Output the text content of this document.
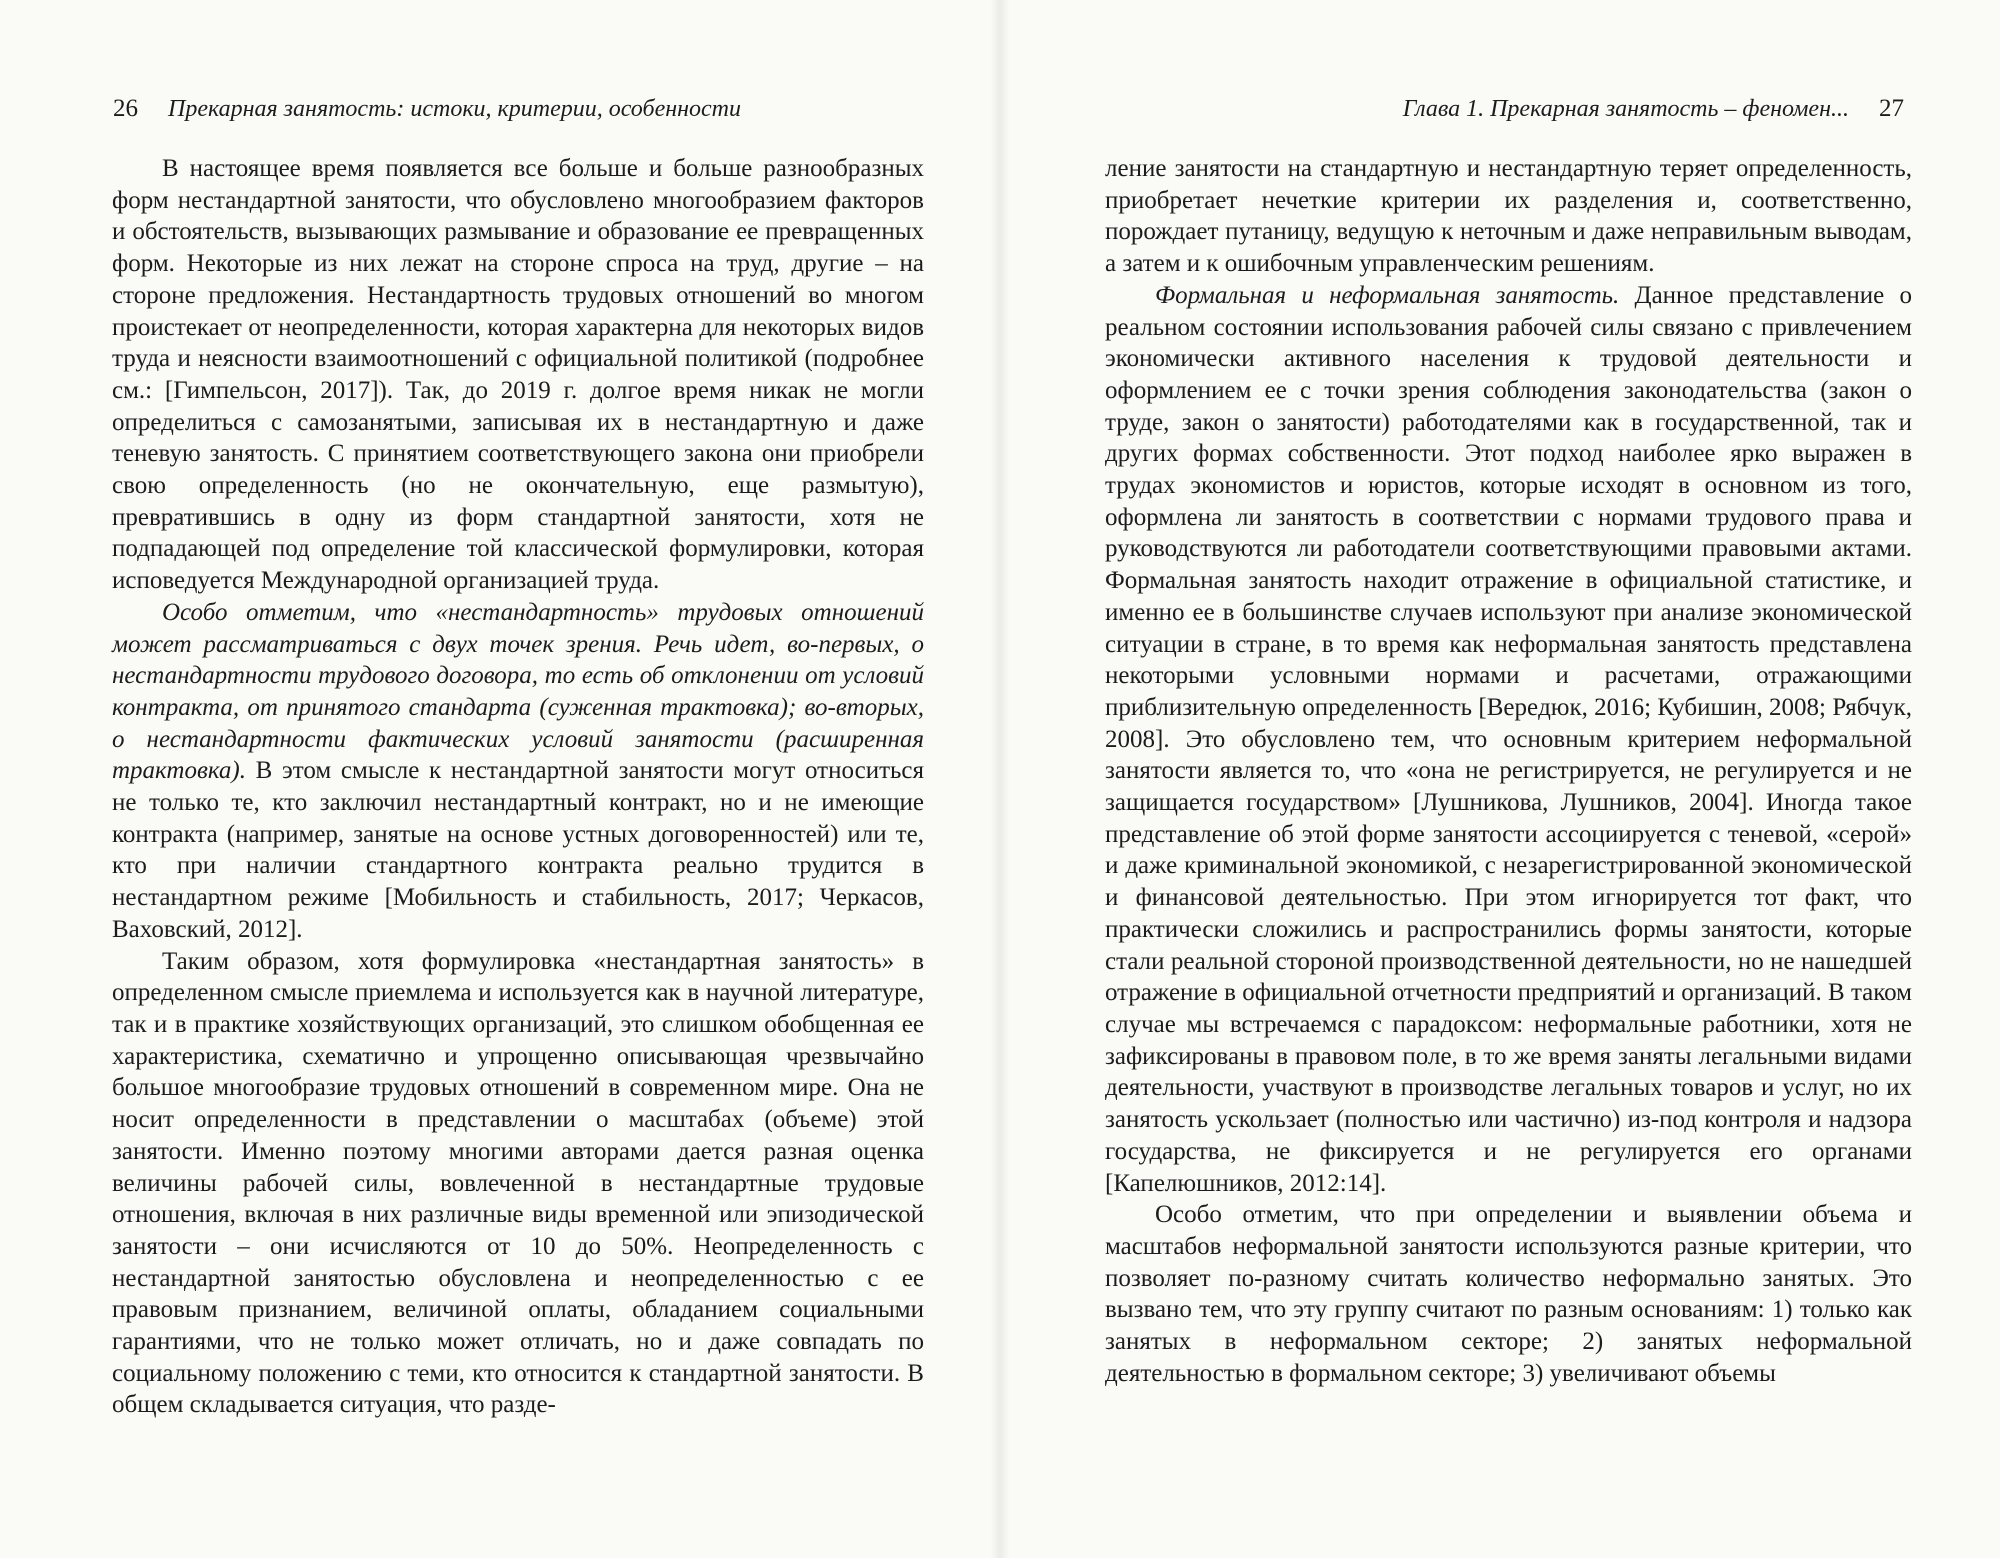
26 Прекарная занятость: истоки, критерии, особенности

В настоящее время появляется все больше и больше разнообразных форм нестандартной занятости, что обусловлено многообразием факторов и обстоятельств, вызывающих размывание и образование ее превращенных форм. Некоторые из них лежат на стороне спроса на труд, другие – на стороне предложения. Нестандартность трудовых отношений во многом проистекает от неопределенности, которая характерна для некоторых видов труда и неясности взаимоотношений с официальной политикой (подробнее см.: [Гимпельсон, 2017]). Так, до 2019 г. долгое время никак не могли определиться с самозанятыми, записывая их в нестандартную и даже теневую занятость. С принятием соответствующего закона они приобрели свою определенность (но не окончательную, еще размытую), превратившись в одну из форм стандартной занятости, хотя не подпадающей под определение той классической формулировки, которая исповедуется Международной организацией труда.

Особо отметим, что «нестандартность» трудовых отношений может рассматриваться с двух точек зрения. Речь идет, во-первых, о нестандартности трудового договора, то есть об отклонении от условий контракта, от принятого стандарта (суженная трактовка); во-вторых, о нестандартности фактических условий занятости (расширенная трактовка). В этом смысле к нестандартной занятости могут относиться не только те, кто заключил нестандартный контракт, но и не имеющие контракта (например, занятые на основе устных договоренностей) или те, кто при наличии стандартного контракта реально трудится в нестандартном режиме [Мобильность и стабильность, 2017; Черкасов, Ваховский, 2012].

Таким образом, хотя формулировка «нестандартная занятость» в определенном смысле приемлема и используется как в научной литературе, так и в практике хозяйствующих организаций, это слишком обобщенная ее характеристика, схематично и упрощенно описывающая чрезвычайно большое многообразие трудовых отношений в современном мире. Она не носит определенности в представлении о масштабах (объеме) этой занятости. Именно поэтому многими авторами дается разная оценка величины рабочей силы, вовлеченной в нестандартные трудовые отношения, включая в них различные виды временной или эпизодической занятости – они исчисляются от 10 до 50%. Неопределенность с нестандартной занятостью обусловлена и неопределенностью с ее правовым признанием, величиной оплаты, обладанием социальными гарантиями, что не только может отличать, но и даже совпадать по социальному положению с теми, кто относится к стандартной занятости. В общем складывается ситуация, что разде-

Глава 1. Прекарная занятость – феномен... 27

ление занятости на стандартную и нестандартную теряет определенность, приобретает нечеткие критерии их разделения и, соответственно, порождает путаницу, ведущую к неточным и даже неправильным выводам, а затем и к ошибочным управленческим решениям.

Формальная и неформальная занятость. Данное представление о реальном состоянии использования рабочей силы связано с привлечением экономически активного населения к трудовой деятельности и оформлением ее с точки зрения соблюдения законодательства (закон о труде, закон о занятости) работодателями как в государственной, так и других формах собственности. Этот подход наиболее ярко выражен в трудах экономистов и юристов, которые исходят в основном из того, оформлена ли занятость в соответствии с нормами трудового права и руководствуются ли работодатели соответствующими правовыми актами. Формальная занятость находит отражение в официальной статистике, и именно ее в большинстве случаев используют при анализе экономической ситуации в стране, в то время как неформальная занятость представлена некоторыми условными нормами и расчетами, отражающими приблизительную определенность [Верeдюк, 2016; Кубишин, 2008; Рябчук, 2008]. Это обусловлено тем, что основным критерием неформальной занятости является то, что «она не регистрируется, не регулируется и не защищается государством» [Лушникова, Лушников, 2004]. Иногда такое представление об этой форме занятости ассоциируется с теневой, «серой» и даже криминальной экономикой, с незарегистрированной экономической и финансовой деятельностью. При этом игнорируется тот факт, что практически сложились и распространились формы занятости, которые стали реальной стороной производственной деятельности, но не нашедшей отражение в официальной отчетности предприятий и организаций. В таком случае мы встречаемся с парадоксом: неформальные работники, хотя не зафиксированы в правовом поле, в то же время заняты легальными видами деятельности, участвуют в производстве легальных товаров и услуг, но их занятость ускользает (полностью или частично) из-под контроля и надзора государства, не фиксируется и не регулируется его органами [Капелюшников, 2012:14].

Особо отметим, что при определении и выявлении объема и масштабов неформальной занятости используются разные критерии, что позволяет по-разному считать количество неформально занятых. Это вызвано тем, что эту группу считают по разным основаниям: 1) только как занятых в неформальном секторе; 2) занятых неформальной деятельностью в формальном секторе; 3) увеличивают объемы
